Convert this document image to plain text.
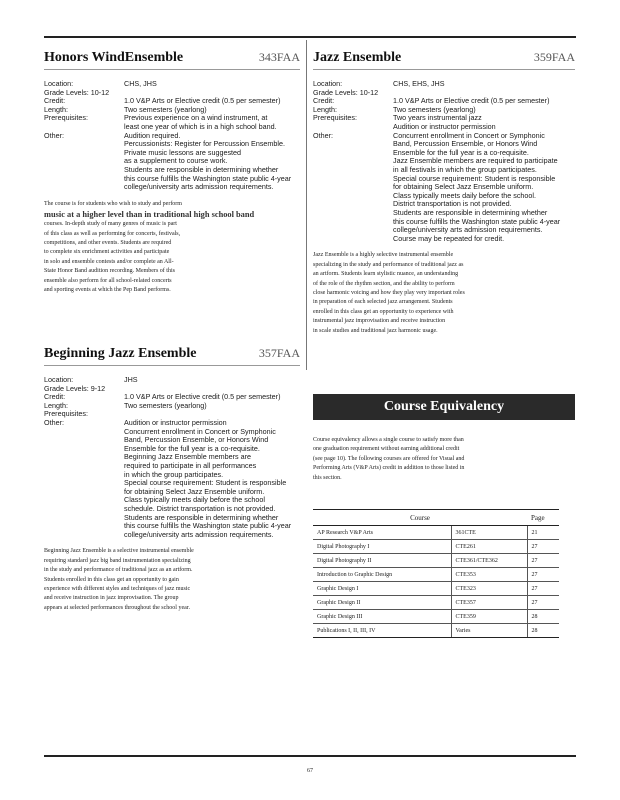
Honors WindEnsemble	343FAA
Location:	CHS, JHS
Grade Levels: 10-12
Credit:	1.0 V&P Arts or Elective credit (0.5 per semester)
Length:	Two semesters (yearlong)
Prerequisites:	Previous experience on a wind instrument, at
least one year of which is in a high school band.
Other:	Audition required.
Percussionists: Register for Percussion Ensemble.
Private music lessons are suggested
as a supplement to course work.
Students are responsible in determining whether
this course fulfills the Washington state public 4-year
college/university arts admission requirements.
The course is for students who wish to study and perform
music at a higher level than in traditional high school band
courses. In-depth study of many genres of music is part
of this class as well as performing for concerts, festivals,
competitions, and other events. Students are required
to complete six enrichment activities and participate
in solo and ensemble contests and/or complete an All-
State Honor Band audition recording. Members of this
ensemble also perform for all school-related concerts
and sporting events at which the Pep Band performs.
Beginning Jazz Ensemble	357FAA
Location:	JHS
Grade Levels: 9-12
Credit:	1.0 V&P Arts or Elective credit (0.5 per semester)
Length:	Two semesters (yearlong)
Prerequisites:
Other:	Audition or instructor permission
Concurrent enrollment in Concert or Symphonic
Band, Percussion Ensemble, or Honors Wind
Ensemble for the full year is a co-requisite.
Beginning Jazz Ensemble members are
required to participate in all performances
in which the group participates.
Special course requirement: Student is responsible
for obtaining Select Jazz Ensemble uniform.
Class typically meets daily before the school
schedule. District transportation is not provided.
Students are responsible in determining whether
this course fulfills the Washington state public 4-year
college/university arts admission requirements.
Beginning Jazz Ensemble is a selective instrumental ensemble
requiring standard jazz big band instrumentation specializing
in the study and performance of traditional jazz as an artform.
Students enrolled in this class get an opportunity to gain
experience with different styles and techniques of jazz music
and receive instruction in jazz improvisation. The group
appears at selected performances throughout the school year.
Jazz Ensemble	359FAA
Location:	CHS, EHS, JHS
Grade Levels: 10-12
Credit:	1.0 V&P Arts or Elective credit (0.5 per semester)
Length:	Two semesters (yearlong)
Prerequisites:	Two years instrumental jazz
Audition or instructor permission
Other:	Concurrent enrollment in Concert or Symphonic
Band, Percussion Ensemble, or Honors Wind
Ensemble for the full year is a co-requisite.
Jazz Ensemble members are required to participate
in all festivals in which the group participates.
Special course requirement: Student is responsible
for obtaining Select Jazz Ensemble uniform.
Class typically meets daily before the school.
District transportation is not provided.
Students are responsible in determining whether
this course fulfills the Washington state public 4-year
college/university arts admission requirements.
Course may be repeated for credit.
Jazz Ensemble is a highly selective instrumental ensemble
specializing in the study and performance of traditional jazz as
an artform. Students learn stylistic nuance, an understanding
of the role of the rhythm section, and the ability to perform
close harmonic voicing and how they play very important roles
in preparation of each selected jazz arrangement. Students
enrolled in this class get an opportunity to experience with
instrumental jazz improvisation and receive instruction
in scale studies and traditional jazz harmonic usage.
Course Equivalency
Course equivalency allows a single course to satisfy more than
one graduation requirement without earning additional credit
(see page 10). The following courses are offered for Visual and
Performing Arts (V&P Arts) credit in addition to those listed in
this section.
Course		Page
AP Research V&P Arts	361CTE	21
Digital Photography I	CTE261	27
Digital Photography II	CTE361/CTE362	27
Introduction to Graphic Design	CTE353	27
Graphic Design I	CTE323	27
Graphic Design II	CTE357	27
Graphic Design III	CTE359	28
Publications I, II, III, IV	Varies	28
67
